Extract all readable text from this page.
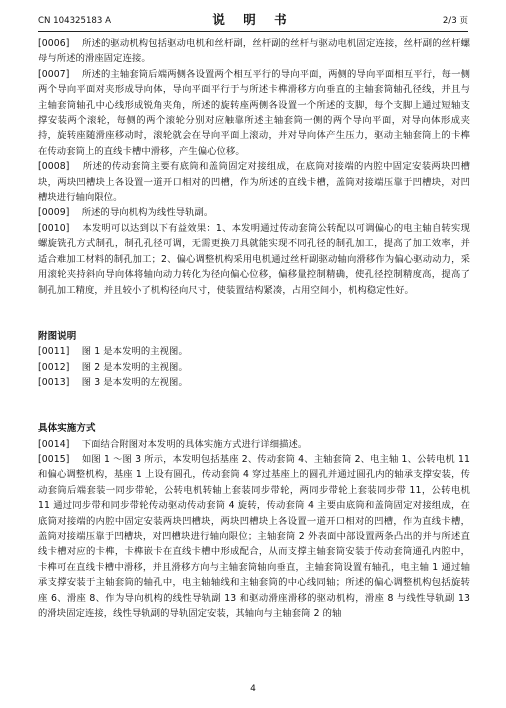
CN 104325183 A	说 明 书	2/3 页

[0006] 所述的驱动机构包括驱动电机和丝杆副，丝杆副的丝杆与驱动电机固定连接，丝杆副的丝杆螺母与所述的滑座固定连接。

[0007] 所述的主轴套筒后端两侧各设置两个相互平行的导向平面，两侧的导向平面相互平行，每一侧两个导向平面对夹形成导向体，导向平面平行于与所述卡榫滑移方向垂直的主轴套筒轴孔径线，并且与主轴套筒轴孔中心线形成锐角夹角，所述的旋转座两侧各设置一个所述的支脚，每个支脚上通过短轴支撑安装两个滚轮，每侧的两个滚轮分别对应触靠所述主轴套筒一侧的两个导向平面，对导向体形成夹持，旋转座随滑座移动时，滚轮就会在导向平面上滚动，并对导向体产生压力，驱动主轴套筒上的卡榫在传动套筒上的直线卡槽中滑移，产生偏心位移。

[0008] 所述的传动套筒主要有底筒和盖筒固定对接组成，在底筒对接端的内腔中固定安装两块凹槽块，两块凹槽块上各设置一道开口相对的凹槽，作为所述的直线卡槽，盖筒对接端压靠于凹槽块，对凹槽块进行轴向限位。

[0009] 所述的导向机构为线性导轨副。

[0010] 本发明可以达到以下有益效果：1、本发明通过传动套筒公转配以可调偏心的电主轴自转实现螺旋铣孔方式制孔，制孔孔径可调，无需更换刀具就能实现不同孔径的制孔加工，提高了加工效率，并适合难加工材料的制孔加工；2、偏心调整机构采用电机通过丝杆副驱动轴向滑移作为偏心驱动动力，采用滚轮夹持斜向导向体将轴向动力转化为径向偏心位移，偏移量控制精确，使孔径控制精度高，提高了制孔加工精度，并且较小了机构径向尺寸，使装置结构紧凑，占用空间小，机构稳定性好。

附图说明

[0011] 图 1 是本发明的主视图。

[0012] 图 2 是本发明的主视图。

[0013] 图 3 是本发明的左视图。

具体实施方式

[0014] 下面结合附图对本发明的具体实施方式进行详细描述。

[0015] 如图 1 ～图 3 所示，本发明包括基座 2、传动套筒 4、主轴套筒 2、电主轴 1、公转电机 11 和偏心调整机构，基座 1 上设有圆孔，传动套筒 4 穿过基座上的圆孔并通过圆孔内的轴承支撑安装，传动套筒后端套装一同步带轮，公转电机转轴上套装同步带轮，两同步带轮上套装同步带 11，公转电机 11 通过同步带和同步带轮传动驱动传动套筒 4 旋转，传动套筒 4 主要由底筒和盖筒固定对接组成，在底筒对接端的内腔中固定安装两块凹槽块，两块凹槽块上各设置一道开口相对的凹槽，作为直线卡槽，盖筒对接端压靠于凹槽块，对凹槽块进行轴向限位；主轴套筒 2 外表面中部设置两条凸出的并与所述直线卡槽对应的卡榫，卡榫嵌卡在直线卡槽中形成配合，从而支撑主轴套筒安装于传动套筒通孔内腔中，卡榫可在直线卡槽中滑移，并且滑移方向与主轴套筒轴向垂直，主轴套筒设置有轴孔，电主轴 1 通过轴承支撑安装于主轴套筒的轴孔中，电主轴轴线和主轴套筒的中心线同轴；所述的偏心调整机构包括旋转座 6、滑座 8、作为导向机构的线性导轨副 13 和驱动滑座滑移的驱动机构，滑座 8 与线性导轨副 13 的滑块固定连接，线性导轨副的导轨固定安装，其轴向与主轴套筒 2 的轴

4
